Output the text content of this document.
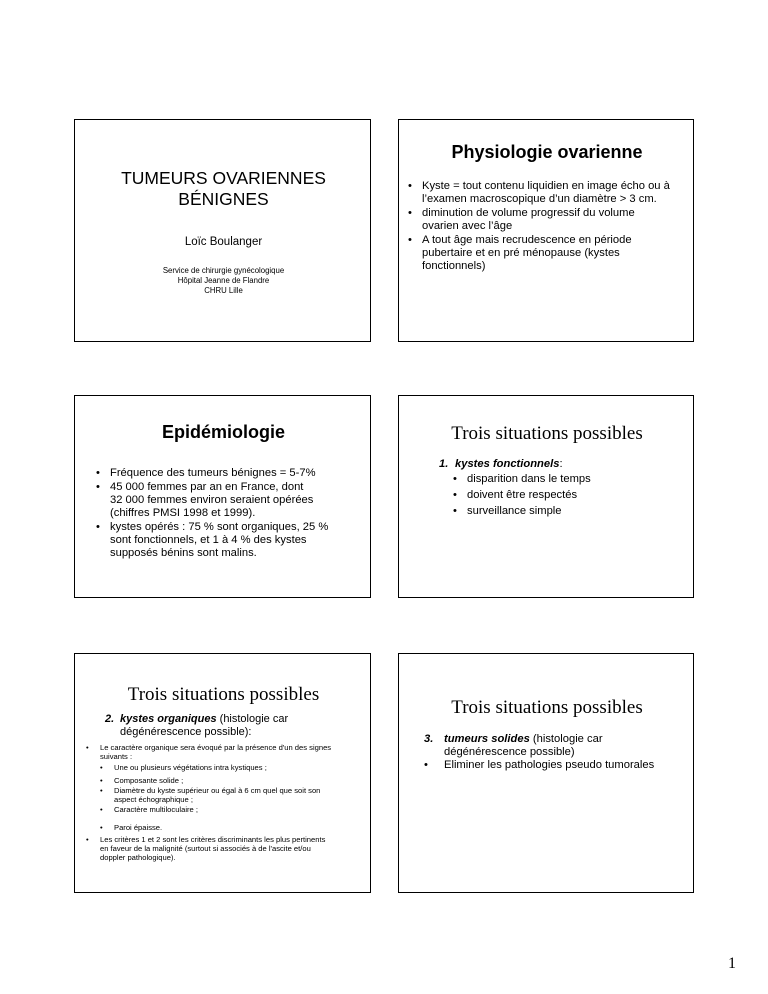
TUMEURS OVARIENNES
BÉNIGNES
Loïc Boulanger
Service de chirurgie gynécologique
Hôpital Jeanne de Flandre
CHRU Lille
Physiologie ovarienne
• Kyste = tout contenu liquidien en image écho ou à
l’examen macroscopique d’un diamètre > 3 cm.
• diminution de volume progressif du volume
ovarien avec l’âge
• A tout âge mais recrudescence en période
pubertaire et en pré ménopause (kystes
fonctionnels)
Epidémiologie
• Fréquence des tumeurs bénignes = 5-7%
• 45 000 femmes par an en France, dont
32 000 femmes environ seraient opérées
(chiffres PMSI 1998 et 1999).
• kystes opérés : 75 % sont organiques, 25 %
sont fonctionnels, et 1 à 4 % des kystes
supposés bénins sont malins.
Trois situations possibles
1. kystes fonctionnels:
• disparition dans le temps
• doivent être respectés
• surveillance simple
Trois situations possibles
2. kystes organiques (histologie car
dégénérescence possible):
• Le caractère organique sera évoqué par la présence d'un des signes
suivants :
• Une ou plusieurs végétations intra kystiques ;
• Composante solide ;
• Diamètre du kyste supérieur ou égal à 6 cm quel que soit son
aspect échographique ;
• Caractère multiloculaire ;
• Paroi épaisse.
• Les critères 1 et 2 sont les critères discriminants les plus pertinents
en faveur de la malignité (surtout si associés à de l'ascite et/ou
doppler pathologique).
Trois situations possibles
3. tumeurs solides (histologie car
dégénérescence possible)
• Eliminer les pathologies pseudo tumorales
1
